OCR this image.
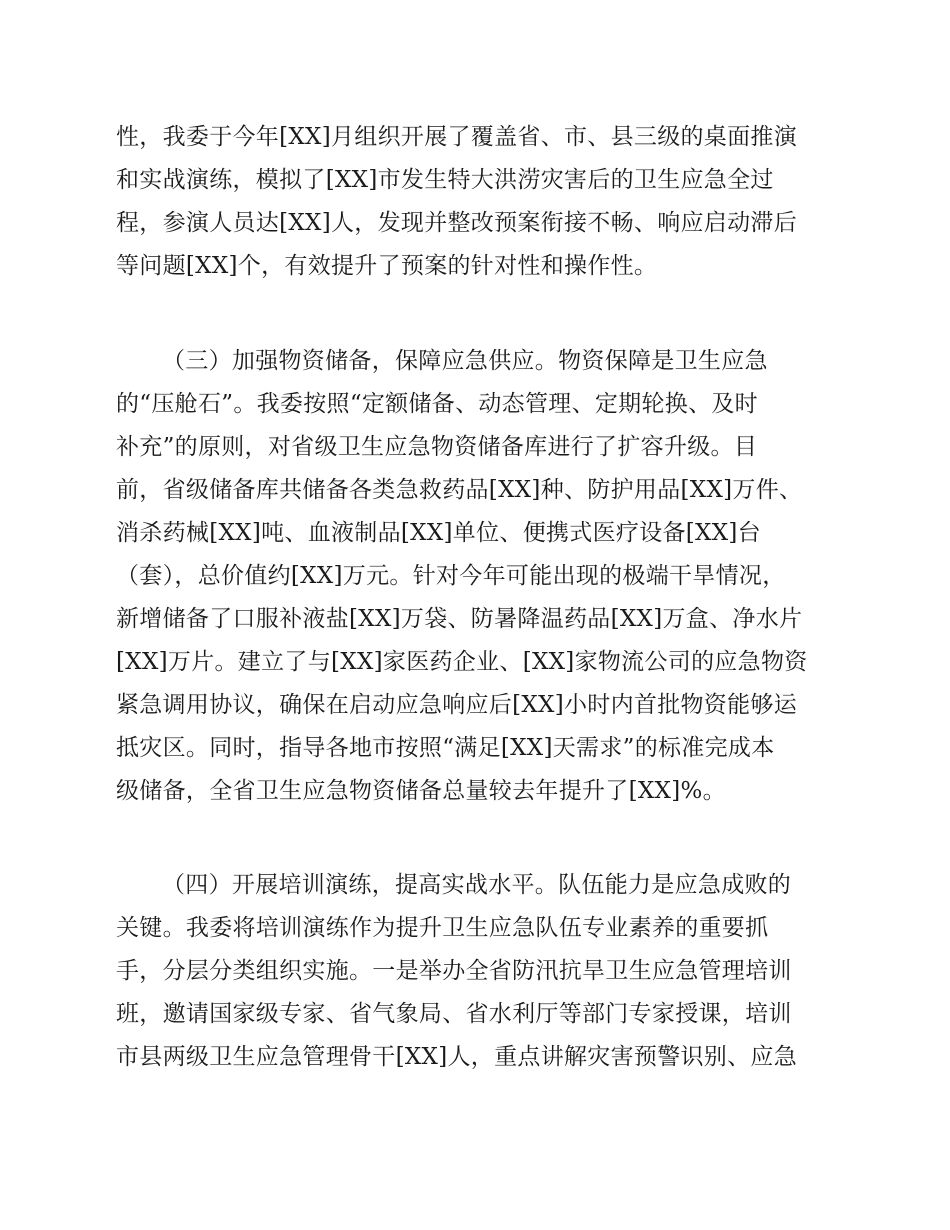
性，我委于今年[XX]月组织开展了覆盖省、市、县三级的桌面推演
和实战演练，模拟了[XX]市发生特大洪涝灾害后的卫生应急全过
程，参演人员达[XX]人，发现并整改预案衔接不畅、响应启动滞后
等问题[XX]个，有效提升了预案的针对性和操作性。
（三）加强物资储备，保障应急供应。物资保障是卫生应急
的“压舱石”。我委按照“定额储备、动态管理、定期轮换、及时
补充”的原则，对省级卫生应急物资储备库进行了扩容升级。目
前，省级储备库共储备各类急救药品[XX]种、防护用品[XX]万件、
消杀药械[XX]吨、血液制品[XX]单位、便携式医疗设备[XX]台
（套），总价值约[XX]万元。针对今年可能出现的极端干旱情况，
新增储备了口服补液盐[XX]万袋、防暑降温药品[XX]万盒、净水片
[XX]万片。建立了与[XX]家医药企业、[XX]家物流公司的应急物资
紧急调用协议，确保在启动应急响应后[XX]小时内首批物资能够运
抵灾区。同时，指导各地市按照“满足[XX]天需求”的标准完成本
级储备，全省卫生应急物资储备总量较去年提升了[XX]%。
（四）开展培训演练，提高实战水平。队伍能力是应急成败的
关键。我委将培训演练作为提升卫生应急队伍专业素养的重要抓
手，分层分类组织实施。一是举办全省防汛抗旱卫生应急管理培训
班，邀请国家级专家、省气象局、省水利厅等部门专家授课，培训
市县两级卫生应急管理骨干[XX]人，重点讲解灾害预警识别、应急
